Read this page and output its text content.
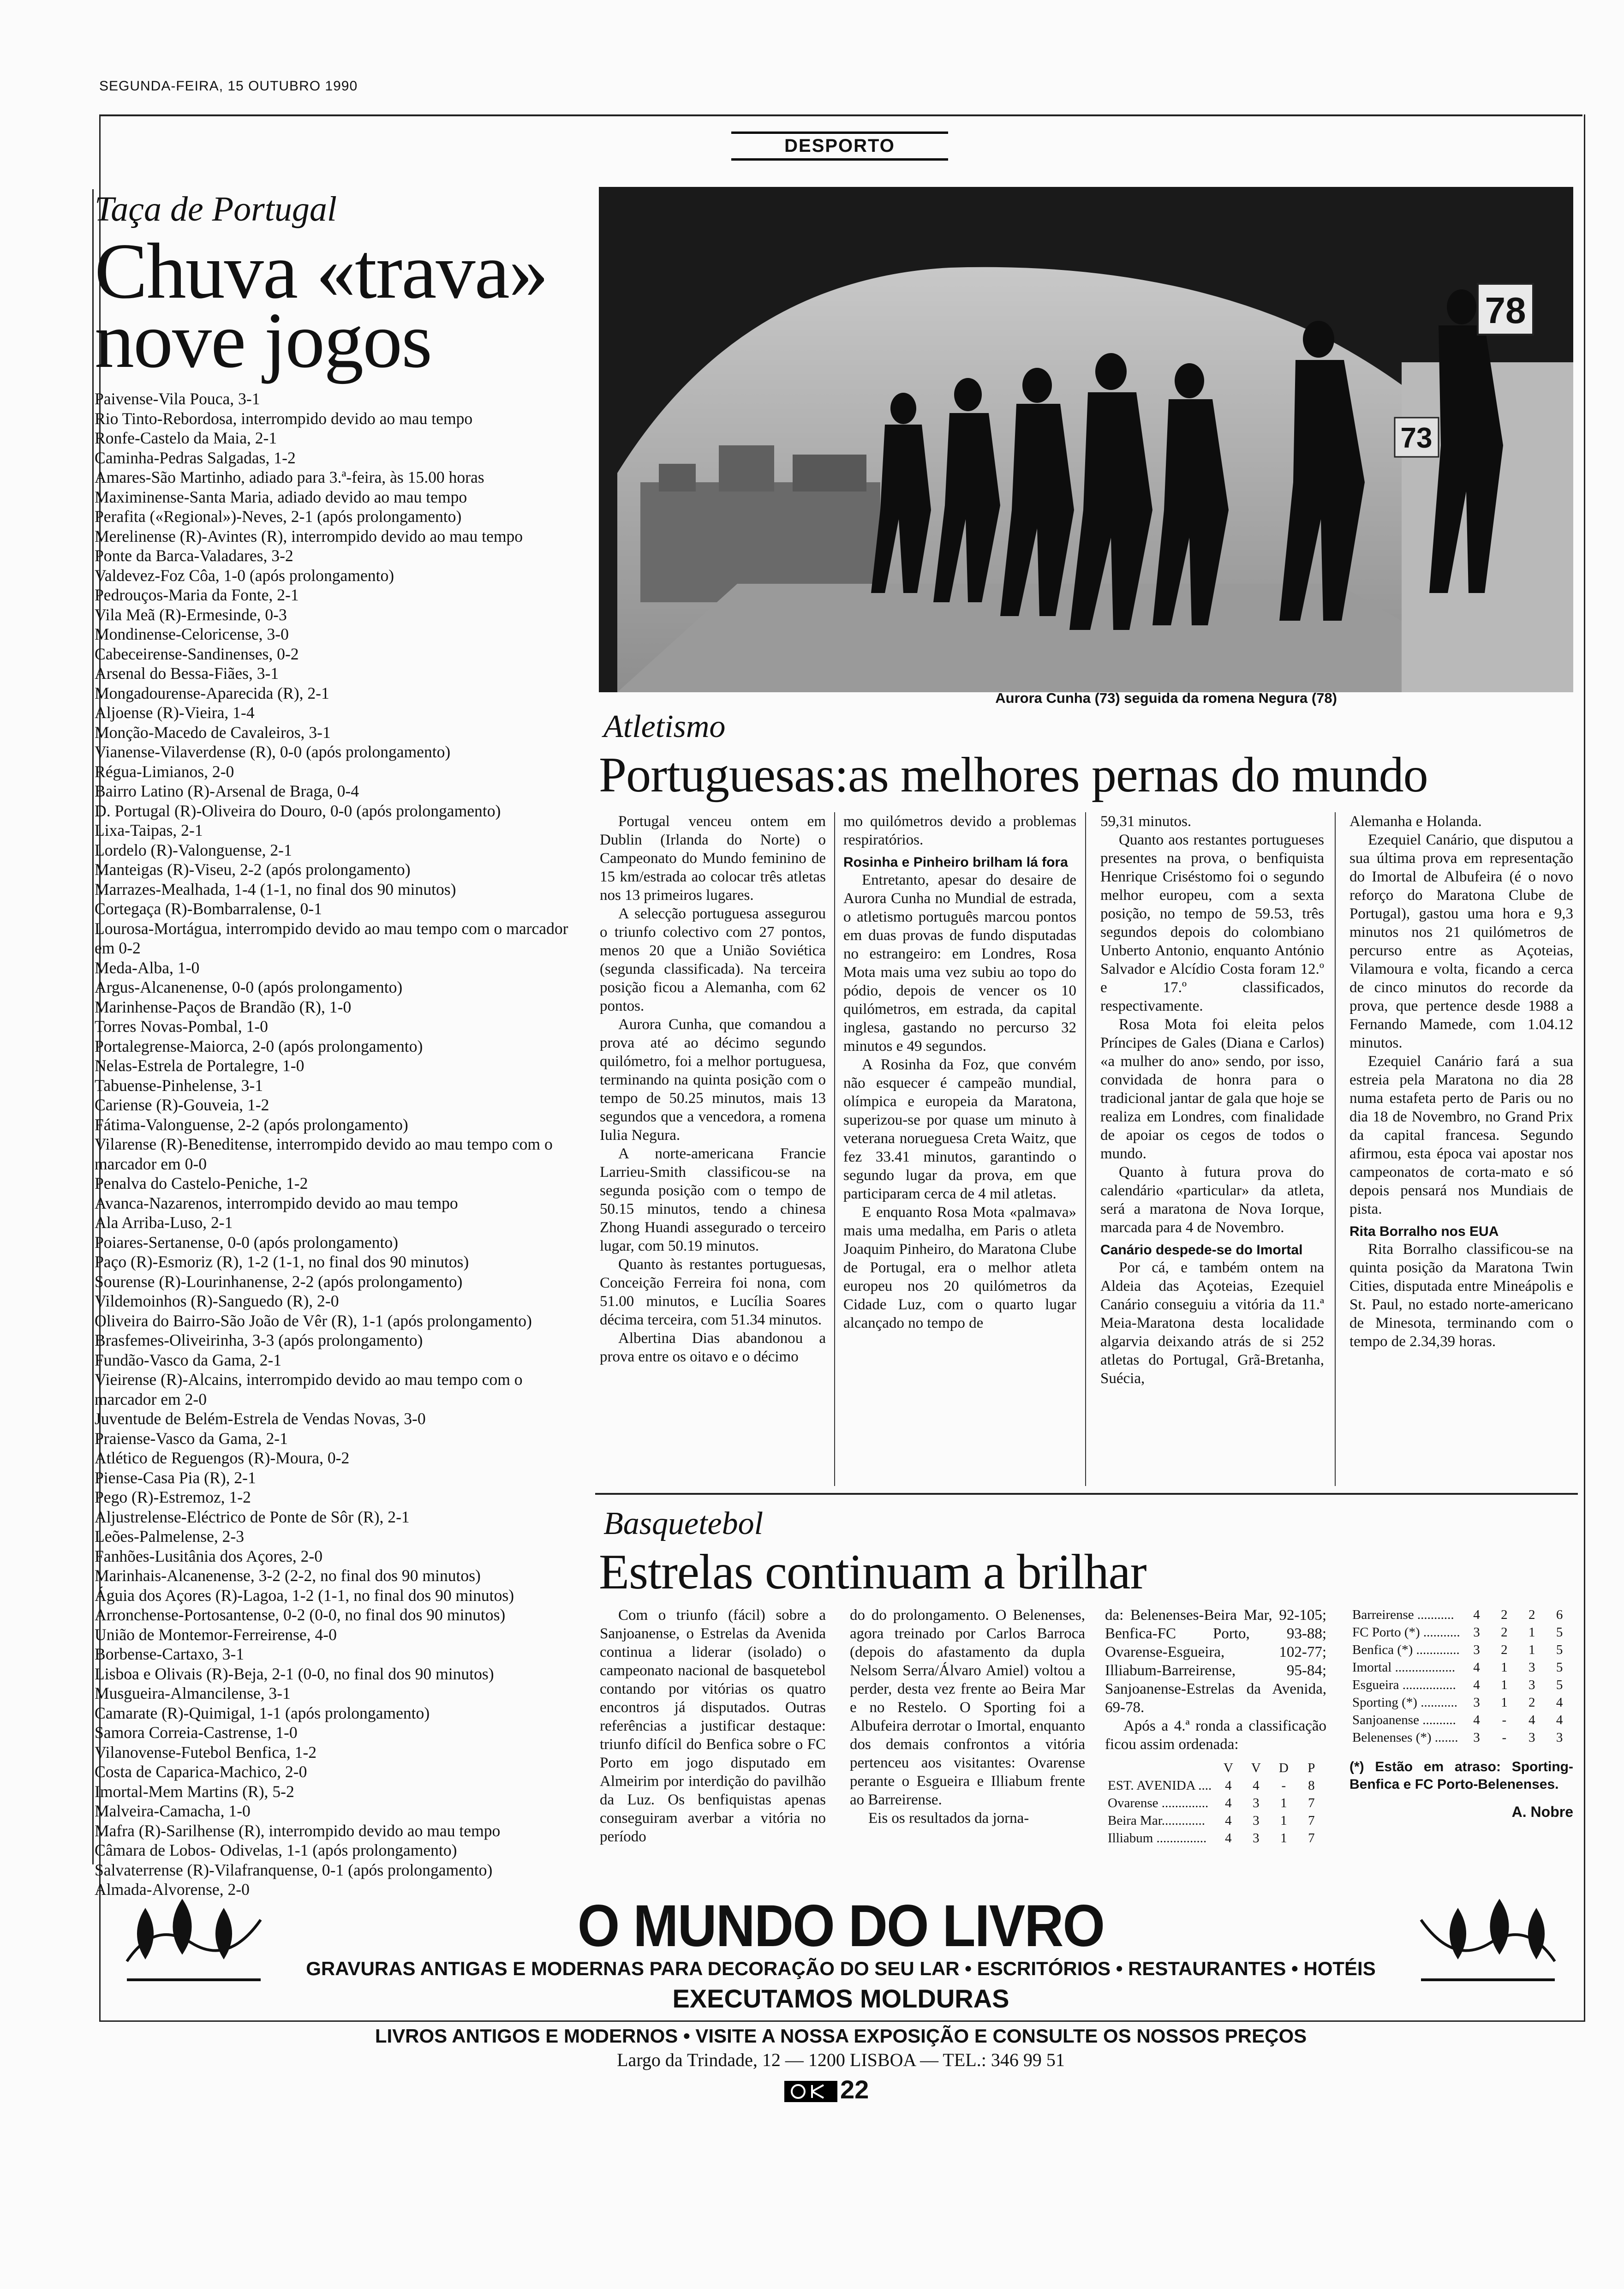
SEGUNDA-FEIRA, 15 OUTUBRO 1990
DESPORTO

Taça de Portugal

Chuva «trava»
nove jogos
Paivense-Vila Pouca, 3-1
Rio Tinto-Rebordosa, interrompido devido ao mau tempo
Ronfe-Castelo da Maia, 2-1
Caminha-Pedras Salgadas, 1-2
Amares-São Martinho, adiado para 3.ª-feira, às 15.00 horas
Maximinense-Santa Maria, adiado devido ao mau tempo
Perafita («Regional»)-Neves, 2-1 (após prolongamento)
Merelinense (R)-Avintes (R), interrompido devido ao mau tempo
Ponte da Barca-Valadares, 3-2
Valdevez-Foz Côa, 1-0 (após prolongamento)
Pedrouços-Maria da Fonte, 2-1
Vila Meã (R)-Ermesinde, 0-3
Mondinense-Celoricense, 3-0
Cabeceirense-Sandinenses, 0-2
Arsenal do Bessa-Fiães, 3-1
Mongadourense-Aparecida (R), 2-1
Aljoense (R)-Vieira, 1-4
Monção-Macedo de Cavaleiros, 3-1
Vianense-Vilaverdense (R), 0-0 (após prolongamento)
Régua-Limianos, 2-0
Bairro Latino (R)-Arsenal de Braga, 0-4
D. Portugal (R)-Oliveira do Douro, 0-0 (após prolongamento)
Lixa-Taipas, 2-1
Lordelo (R)-Valonguense, 2-1
Manteigas (R)-Viseu, 2-2 (após prolongamento)
Marrazes-Mealhada, 1-4 (1-1, no final dos 90 minutos)
Cortegaça (R)-Bombarralense, 0-1
Lourosa-Mortágua, interrompido devido ao mau tempo com o marcador em 0-2
Meda-Alba, 1-0
Argus-Alcanenense, 0-0 (após prolongamento)
Marinhense-Paços de Brandão (R), 1-0
Torres Novas-Pombal, 1-0
Portalegrense-Maiorca, 2-0 (após prolongamento)
Nelas-Estrela de Portalegre, 1-0
Tabuense-Pinhelense, 3-1
Cariense (R)-Gouveia, 1-2
Fátima-Valonguense, 2-2 (após prolongamento)
Vilarense (R)-Beneditense, interrompido devido ao mau tempo com o marcador em 0-0
Penalva do Castelo-Peniche, 1-2
Avanca-Nazarenos, interrompido devido ao mau tempo
Ala Arriba-Luso, 2-1
Poiares-Sertanense, 0-0 (após prolongamento)
Paço (R)-Esmoriz (R), 1-2 (1-1, no final dos 90 minutos)
Sourense (R)-Lourinhanense, 2-2 (após prolongamento)
Vildemoinhos (R)-Sanguedo (R), 2-0
Oliveira do Bairro-São João de Vêr (R), 1-1 (após prolongamento)
Brasfemes-Oliveirinha, 3-3 (após prolongamento)
Fundão-Vasco da Gama, 2-1
Vieirense (R)-Alcains, interrompido devido ao mau tempo com o marcador em 2-0
Juventude de Belém-Estrela de Vendas Novas, 3-0
Praiense-Vasco da Gama, 2-1
Atlético de Reguengos (R)-Moura, 0-2
Piense-Casa Pia (R), 2-1
Pego (R)-Estremoz, 1-2
Aljustrelense-Eléctrico de Ponte de Sôr (R), 2-1
Leões-Palmelense, 2-3
Fanhões-Lusitânia dos Açores, 2-0
Marinhais-Alcanenense, 3-2 (2-2, no final dos 90 minutos)
Águia dos Açores (R)-Lagoa, 1-2 (1-1, no final dos 90 minutos)
Arronchense-Portosantense, 0-2 (0-0, no final dos 90 minutos)
União de Montemor-Ferreirense, 4-0
Borbense-Cartaxo, 3-1
Lisboa e Olivais (R)-Beja, 2-1 (0-0, no final dos 90 minutos)
Musgueira-Almancilense, 3-1
Camarate (R)-Quimigal, 1-1 (após prolongamento)
Samora Correia-Castrense, 1-0
Vilanovense-Futebol Benfica, 1-2
Costa de Caparica-Machico, 2-0
Imortal-Mem Martins (R), 5-2
Malveira-Camacha, 1-0
Mafra (R)-Sarilhense (R), interrompido devido ao mau tempo
Câmara de Lobos- Odivelas, 1-1 (após prolongamento)
Salvaterrense (R)-Vilafranquense, 0-1 (após prolongamento)
Almada-Alvorense, 2-0
78
73
Aurora Cunha (73) seguida da romena Negura (78)

Atletismo

Portuguesas:as melhores pernas do mundo

Portugal venceu ontem em Dublin (Irlanda do Norte) o Campeonato do Mundo feminino de 15 km/estrada ao colocar três atletas nos 13 primeiros lugares.

A selecção portuguesa assegurou o triunfo colectivo com 27 pontos, menos 20 que a União Soviética (segunda classificada). Na terceira posição ficou a Alemanha, com 62 pontos.

Aurora Cunha, que comandou a prova até ao décimo segundo quilómetro, foi a melhor portuguesa, terminando na quinta posição com o tempo de 50.25 minutos, mais 13 segundos que a vencedora, a romena Iulia Negura.

A norte-americana Francie Larrieu-Smith classificou-se na segunda posição com o tempo de 50.15 minutos, tendo a chinesa Zhong Huandi assegurado o terceiro lugar, com 50.19 minutos.

Quanto às restantes portuguesas, Conceição Ferreira foi nona, com 51.00 minutos, e Lucília Soares décima terceira, com 51.34 minutos.

Albertina Dias abandonou a prova entre os oitavo e o décimo

mo quilómetros devido a problemas respiratórios.

Rosinha e Pinheiro brilham lá fora

Entretanto, apesar do desaire de Aurora Cunha no Mundial de estrada, o atletismo português marcou pontos em duas provas de fundo disputadas no estrangeiro: em Londres, Rosa Mota mais uma vez subiu ao topo do pódio, depois de vencer os 10 quilómetros, em estrada, da capital inglesa, gastando no percurso 32 minutos e 49 segundos.

A Rosinha da Foz, que convém não esquecer é campeão mundial, olímpica e europeia da Maratona, superizou-se por quase um minuto à veterana norueguesa Creta Waitz, que fez 33.41 minutos, garantindo o segundo lugar da prova, em que participaram cerca de 4 mil atletas.

E enquanto Rosa Mota «palmava» mais uma medalha, em Paris o atleta Joaquim Pinheiro, do Maratona Clube de Portugal, era o melhor atleta europeu nos 20 quilómetros da Cidade Luz, com o quarto lugar alcançado no tempo de

59,31 minutos.

Quanto aos restantes portugueses presentes na prova, o benfiquista Henrique Criséstomo foi o segundo melhor europeu, com a sexta posição, no tempo de 59.53, três segundos depois do colombiano Unberto Antonio, enquanto António Salvador e Alcídio Costa foram 12.º e 17.º classificados, respectivamente.

Rosa Mota foi eleita pelos Príncipes de Gales (Diana e Carlos) «a mulher do ano» sendo, por isso, convidada de honra para o tradicional jantar de gala que hoje se realiza em Londres, com finalidade de apoiar os cegos de todos o mundo.

Quanto à futura prova do calendário «particular» da atleta, será a maratona de Nova Iorque, marcada para 4 de Novembro.

Canário despede-se do Imortal

Por cá, e também ontem na Aldeia das Açoteias, Ezequiel Canário conseguiu a vitória da 11.ª Meia-Maratona desta localidade algarvia deixando atrás de si 252 atletas do Portugal, Grã-Bretanha, Suécia,

Alemanha e Holanda.

Ezequiel Canário, que disputou a sua última prova em representação do Imortal de Albufeira (é o novo reforço do Maratona Clube de Portugal), gastou uma hora e 9,3 minutos nos 21 quilómetros de percurso entre as Açoteias, Vilamoura e volta, ficando a cerca de cinco minutos do recorde da prova, que pertence desde 1988 a Fernando Mamede, com 1.04.12 minutos.

Ezequiel Canário fará a sua estreia pela Maratona no dia 28 numa estafeta perto de Paris ou no dia 18 de Novembro, no Grand Prix da capital francesa. Segundo afirmou, esta época vai apostar nos campeonatos de corta-mato e só depois pensará nos Mundiais de pista.

Rita Borralho nos EUA

Rita Borralho classificou-se na quinta posição da Maratona Twin Cities, disputada entre Mineápolis e St. Paul, no estado norte-americano de Minesota, terminando com o tempo de 2.34,39 horas.

Basquetebol

Estrelas continuam a brilhar

Com o triunfo (fácil) sobre a Sanjoanense, o Estrelas da Avenida continua a liderar (isolado) o campeonato nacional de basquetebol contando por vitórias os quatro encontros já disputados. Outras referências a justificar destaque: triunfo difícil do Benfica sobre o FC Porto em jogo disputado em Almeirim por interdição do pavilhão da Luz. Os benfiquistas apenas conseguiram averbar a vitória no período

do do prolongamento. O Belenenses, agora treinado por Carlos Barroca (depois do afastamento da dupla Nelsom Serra/Álvaro Amiel) voltou a perder, desta vez frente ao Beira Mar e no Restelo. O Sporting foi a Albufeira derrotar o Imortal, enquanto dos demais confrontos a vitória pertenceu aos visitantes: Ovarense perante o Esgueira e Illiabum frente ao Barreirense.

Eis os resultados da jorna-

da: Belenenses-Beira Mar, 92-105; Benfica-FC Porto, 93-88; Ovarense-Esgueira, 102-77; Illiabum-Barreirense, 95-84; Sanjoanense-Estrelas da Avenida, 69-78.

Após a 4.ª ronda a classificação ficou assim ordenada:

	V	V	D	P
EST. AVENIDA ....	4	4	-	8
Ovarense ..............	4	3	1	7
Beira Mar.............	4	3	1	7
Illiabum ...............	4	3	1	7
Barreirense ...........	4	2	2	6
FC Porto (*) ...........	3	2	1	5
Benfica (*) .............	3	2	1	5
Imortal ..................	4	1	3	5
Esgueira ................	4	1	3	5
Sporting (*) ...........	3	1	2	4
Sanjoanense ..........	4	-	4	4
Belenenses (*) .......	3	-	3	3

(*) Estão em atraso: Sporting-Benfica e FC Porto-Belenenses.

A. Nobre

O MUNDO DO LIVRO
GRAVURAS ANTIGAS E MODERNAS PARA DECORAÇÃO DO SEU LAR • ESCRITÓRIOS • RESTAURANTES • HOTÉIS
EXECUTAMOS MOLDURAS
LIVROS ANTIGOS E MODERNOS • VISITE A NOSSA EXPOSIÇÃO E CONSULTE OS NOSSOS PREÇOS
Largo da Trindade, 12 — 1200 LISBOA — TEL.: 346 99 51
22
